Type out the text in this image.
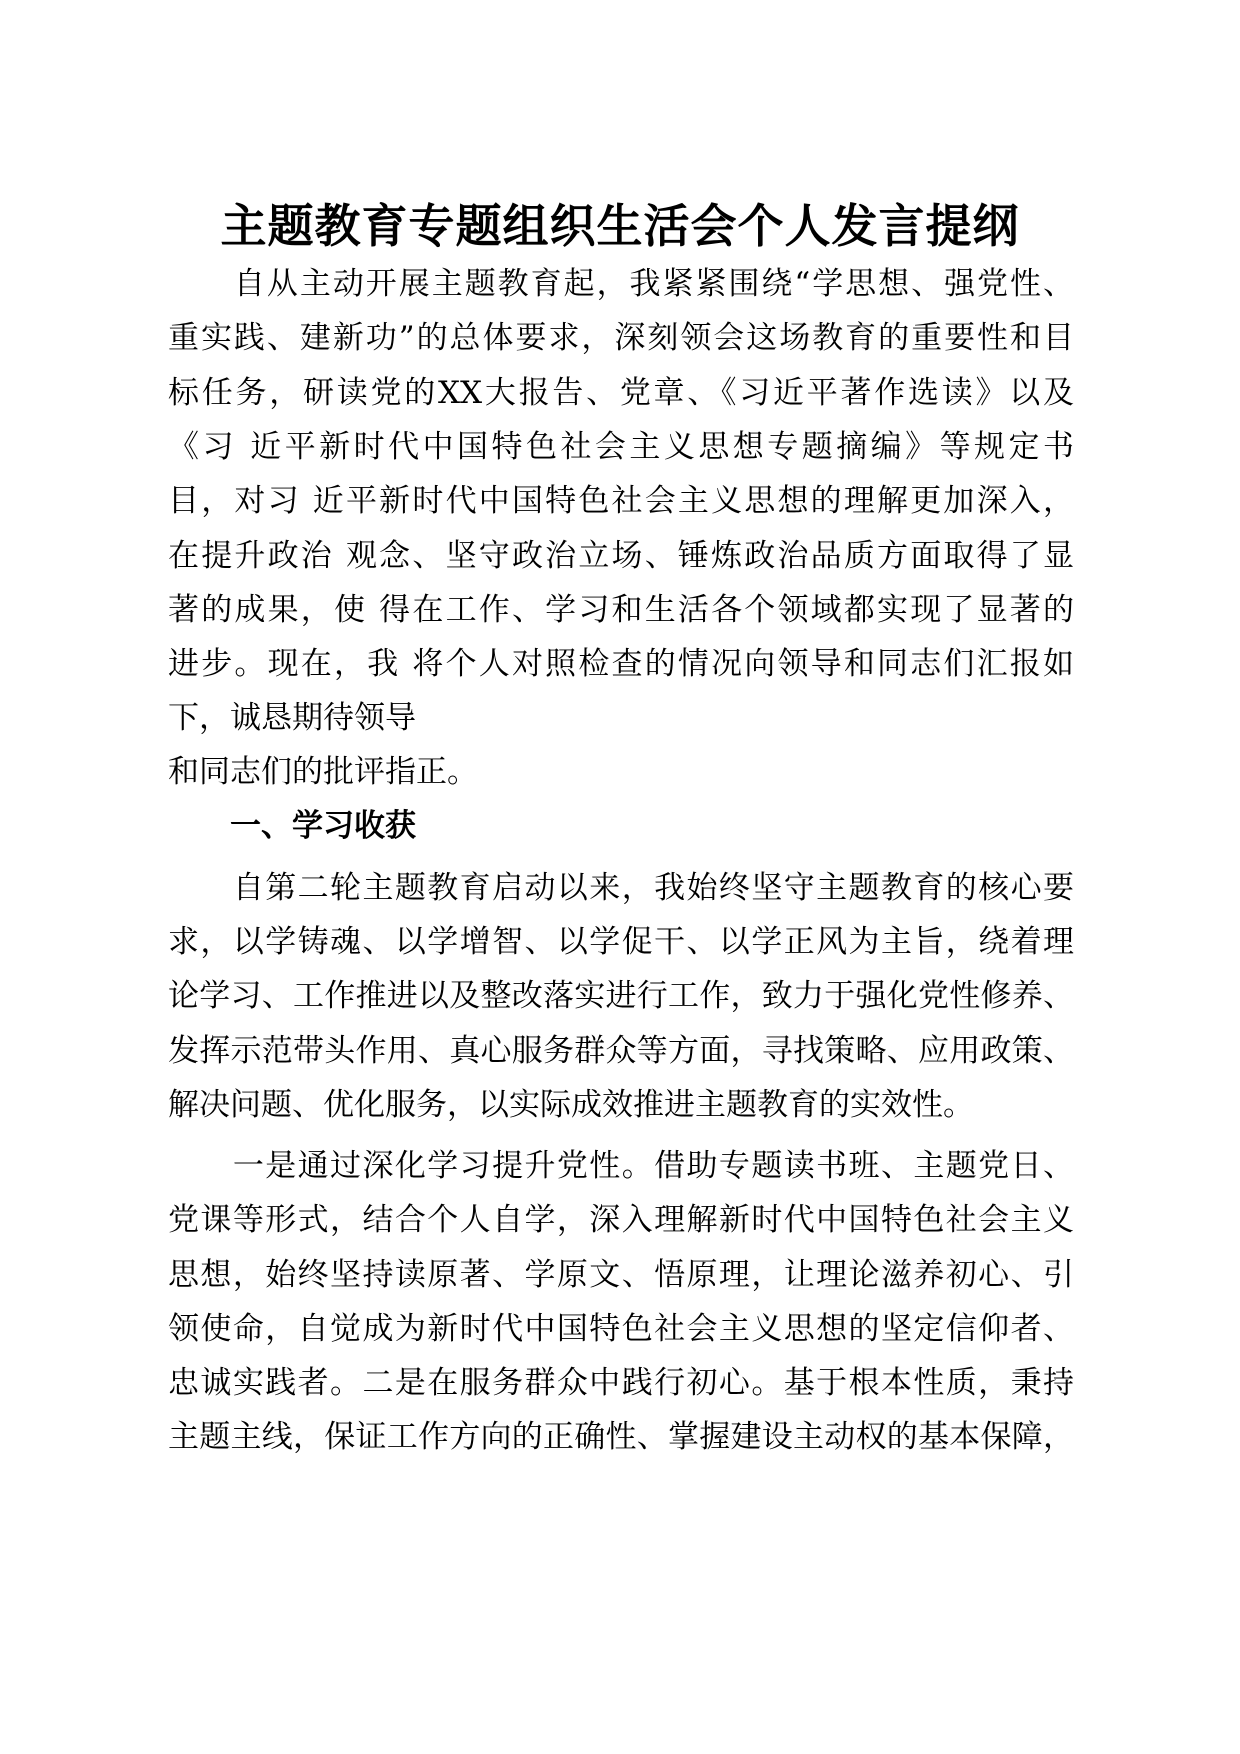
主题教育专题组织生活会个人发言提纲
　　自从主动开展主题教育起，我紧紧围绕“学思想、强党性、
重实践、建新功”的总体要求，深刻领会这场教育的重要性和目
标任务，研读党的XX大报告、党章、《习近平著作选读》以及
《习 近平新时代中国特色社会主义思想专题摘编》等规定书
目，对习 近平新时代中国特色社会主义思想的理解更加深入，
在提升政治 观念、坚守政治立场、锤炼政治品质方面取得了显
著的成果，使 得在工作、学习和生活各个领域都实现了显著的
进步。现在，我 将个人对照检查的情况向领导和同志们汇报如
下，诚恳期待领导
和同志们的批评指正。
一、学习收获
　　自第二轮主题教育启动以来，我始终坚守主题教育的核心要
求，以学铸魂、以学增智、以学促干、以学正风为主旨，绕着理
论学习、工作推进以及整改落实进行工作，致力于强化党性修养、
发挥示范带头作用、真心服务群众等方面，寻找策略、应用政策、
解决问题、优化服务，以实际成效推进主题教育的实效性。
　　一是通过深化学习提升党性。借助专题读书班、主题党日、
党课等形式，结合个人自学，深入理解新时代中国特色社会主义
思想，始终坚持读原著、学原文、悟原理，让理论滋养初心、引
领使命，自觉成为新时代中国特色社会主义思想的坚定信仰者、
忠诚实践者。二是在服务群众中践行初心。基于根本性质，秉持
主题主线，保证工作方向的正确性、掌握建设主动权的基本保障，
